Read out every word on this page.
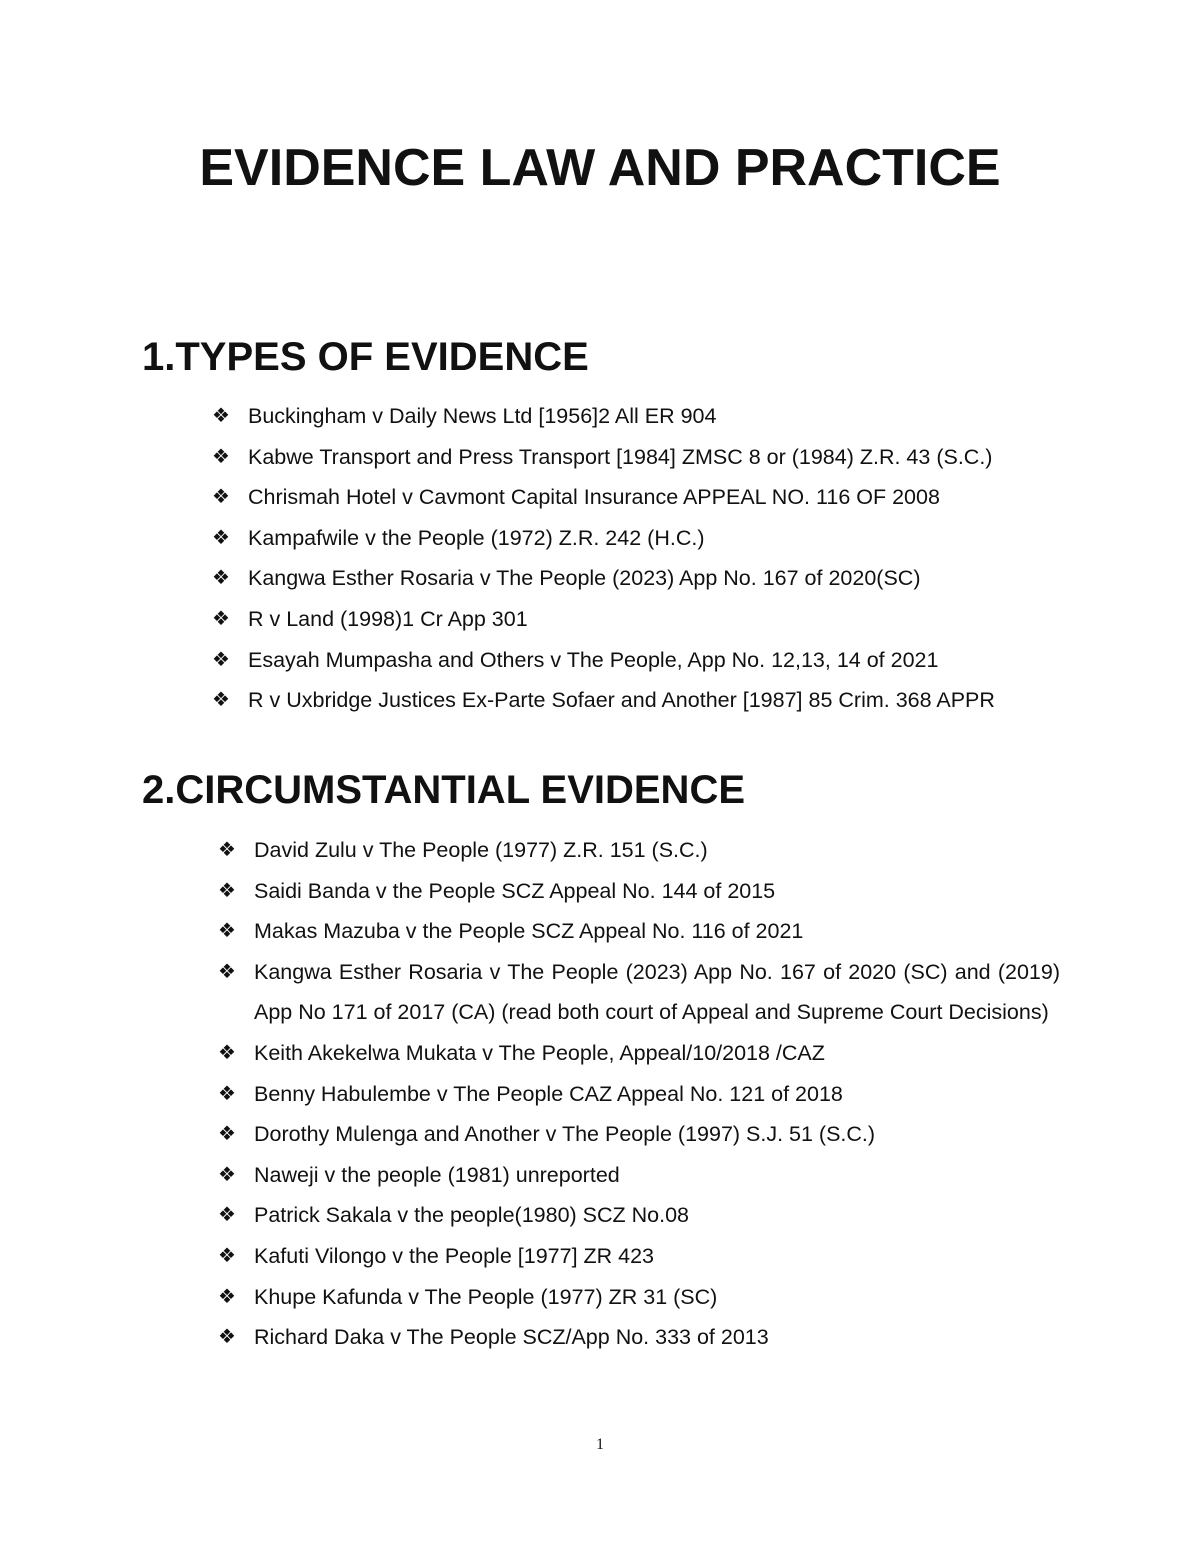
EVIDENCE LAW AND PRACTICE
1.TYPES OF EVIDENCE
❖ Buckingham v Daily News Ltd [1956]2 All ER 904
❖ Kabwe Transport and Press Transport [1984] ZMSC 8 or (1984) Z.R. 43 (S.C.)
❖ Chrismah Hotel v Cavmont Capital Insurance APPEAL NO. 116 OF 2008
❖ Kampafwile v the People (1972) Z.R. 242 (H.C.)
❖ Kangwa Esther Rosaria v The People (2023) App No. 167 of 2020(SC)
❖ R v Land (1998)1 Cr App 301
❖ Esayah Mumpasha and Others v The People, App No. 12,13, 14 of 2021
❖ R v Uxbridge Justices Ex-Parte Sofaer and Another [1987] 85 Crim. 368 APPR
2.CIRCUMSTANTIAL EVIDENCE
❖ David Zulu v The People (1977) Z.R. 151 (S.C.)
❖ Saidi Banda v the People SCZ Appeal No. 144 of 2015
❖ Makas Mazuba v the People SCZ Appeal No. 116 of 2021
❖ Kangwa Esther Rosaria v The People (2023) App No. 167 of 2020 (SC) and (2019) App No 171 of 2017 (CA) (read both court of Appeal and Supreme Court Decisions)
❖ Keith Akekelwa Mukata v The People, Appeal/10/2018 /CAZ
❖ Benny Habulembe v The People CAZ Appeal No. 121 of 2018
❖ Dorothy Mulenga and Another v The People (1997) S.J. 51 (S.C.)
❖ Naweji v the people (1981) unreported
❖ Patrick Sakala v the people(1980) SCZ No.08
❖ Kafuti Vilongo v the People [1977] ZR 423
❖ Khupe Kafunda v The People (1977) ZR 31 (SC)
❖ Richard Daka v The People SCZ/App No. 333 of 2013
1
